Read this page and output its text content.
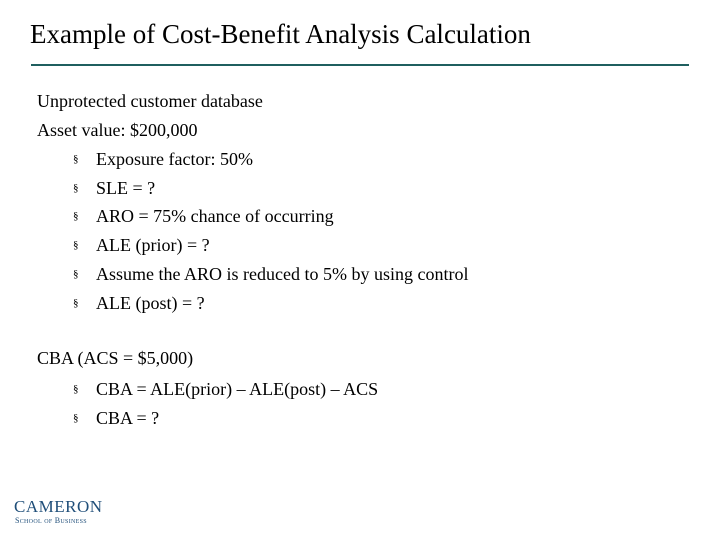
Example of Cost-Benefit Analysis Calculation
Unprotected customer database
Asset value: $200,000
§ Exposure factor: 50%
§ SLE = ?
§ ARO = 75% chance of occurring
§ ALE (prior) = ?
§ Assume the ARO is reduced to 5% by using control
§ ALE (post) = ?
CBA (ACS = $5,000)
§ CBA = ALE(prior) – ALE(post) – ACS
§ CBA = ?
CAMERON
School of Business
